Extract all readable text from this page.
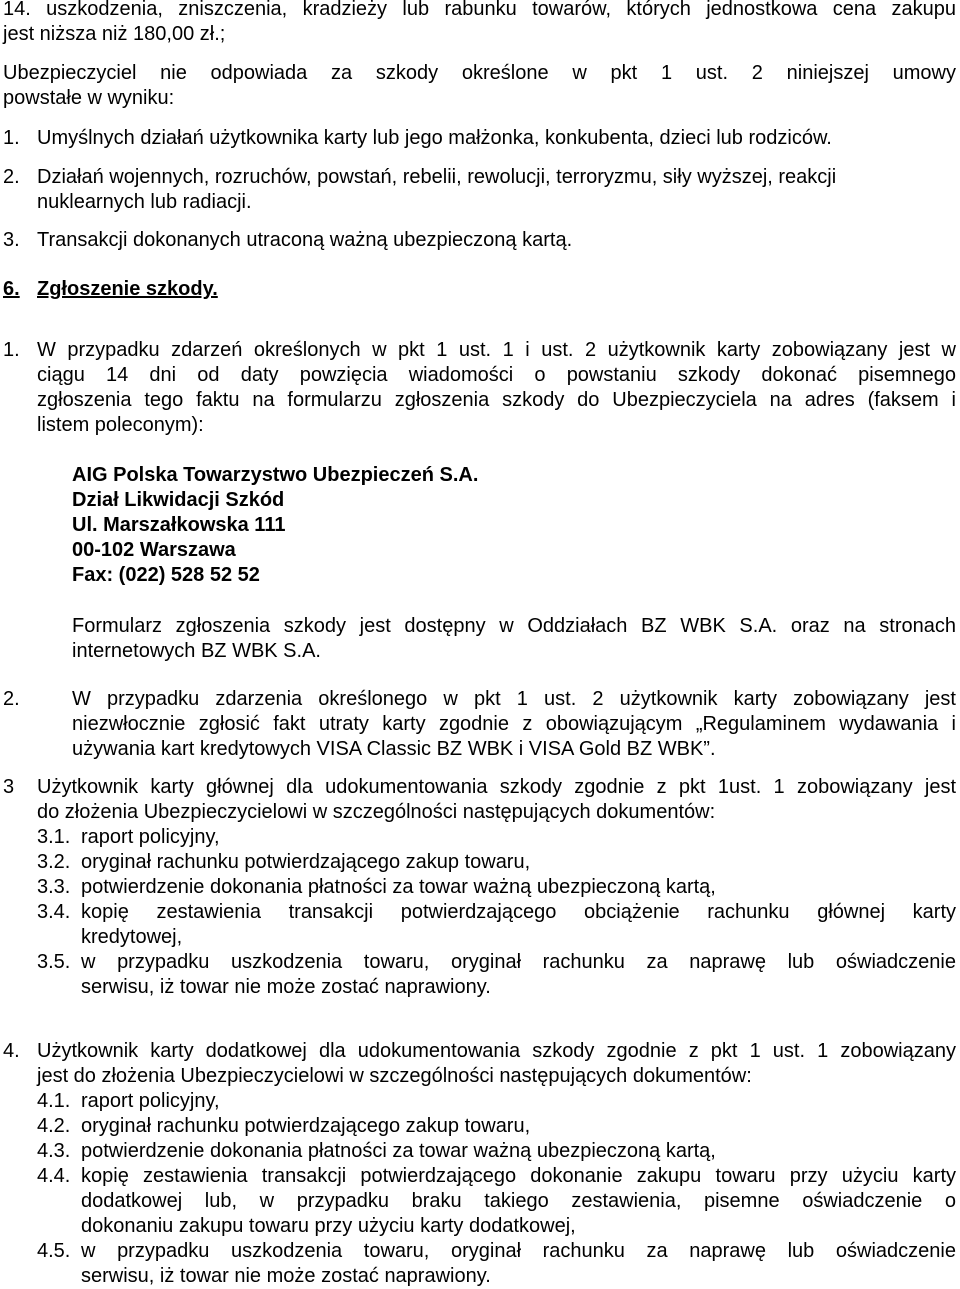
14. uszkodzenia, zniszczenia, kradzieży lub rabunku towarów, których jednostkowa cena zakupu
jest niższa niż 180,00 zł.;
Ubezpieczyciel nie odpowiada za szkody określone w pkt 1 ust. 2 niniejszej umowy
powstałe w wyniku:
1. Umyślnych działań użytkownika karty lub jego małżonka, konkubenta, dzieci lub rodziców.
2. Działań wojennych, rozruchów, powstań, rebelii, rewolucji, terroryzmu, siły wyższej, reakcji
nuklearnych lub radiacji.
3. Transakcji dokonanych utraconą ważną ubezpieczoną kartą.
6. Zgłoszenie szkody.
1. W przypadku zdarzeń określonych w pkt 1 ust. 1 i ust. 2 użytkownik karty zobowiązany jest w
ciągu 14 dni od daty powzięcia wiadomości o powstaniu szkody dokonać pisemnego
zgłoszenia tego faktu na formularzu zgłoszenia szkody do Ubezpieczyciela na adres (faksem i
listem poleconym):
AIG Polska Towarzystwo Ubezpieczeń S.A.
Dział Likwidacji Szkód
Ul. Marszałkowska 111
00-102 Warszawa
Fax: (022) 528 52 52
Formularz zgłoszenia szkody jest dostępny w Oddziałach BZ WBK S.A. oraz na stronach
internetowych BZ WBK S.A.
2.	W przypadku zdarzenia określonego w pkt 1 ust. 2 użytkownik karty zobowiązany jest
niezwłocznie zgłosić fakt utraty karty zgodnie z obowiązującym „Regulaminem wydawania i
używania kart kredytowych VISA Classic BZ WBK i VISA Gold BZ WBK”.
3 Użytkownik karty głównej dla udokumentowania szkody zgodnie z pkt 1ust. 1 zobowiązany jest
do złożenia Ubezpieczycielowi w szczególności następujących dokumentów:
3.1. raport policyjny,
3.2. oryginał rachunku potwierdzającego zakup towaru,
3.3. potwierdzenie dokonania płatności za towar ważną ubezpieczoną kartą,
3.4. kopię zestawienia transakcji potwierdzającego obciążenie rachunku głównej karty
kredytowej,
3.5. w przypadku uszkodzenia towaru, oryginał rachunku za naprawę lub oświadczenie
serwisu, iż towar nie może zostać naprawiony.
4. Użytkownik karty dodatkowej dla udokumentowania szkody zgodnie z pkt 1 ust. 1 zobowiązany
jest do złożenia Ubezpieczycielowi w szczególności następujących dokumentów:
4.1. raport policyjny,
4.2. oryginał rachunku potwierdzającego zakup towaru,
4.3. potwierdzenie dokonania płatności za towar ważną ubezpieczoną kartą,
4.4. kopię zestawienia transakcji potwierdzającego dokonanie zakupu towaru przy użyciu karty
dodatkowej lub, w przypadku braku takiego zestawienia, pisemne oświadczenie o
dokonaniu zakupu towaru przy użyciu karty dodatkowej,
4.5. w przypadku uszkodzenia towaru, oryginał rachunku za naprawę lub oświadczenie
serwisu, iż towar nie może zostać naprawiony.
